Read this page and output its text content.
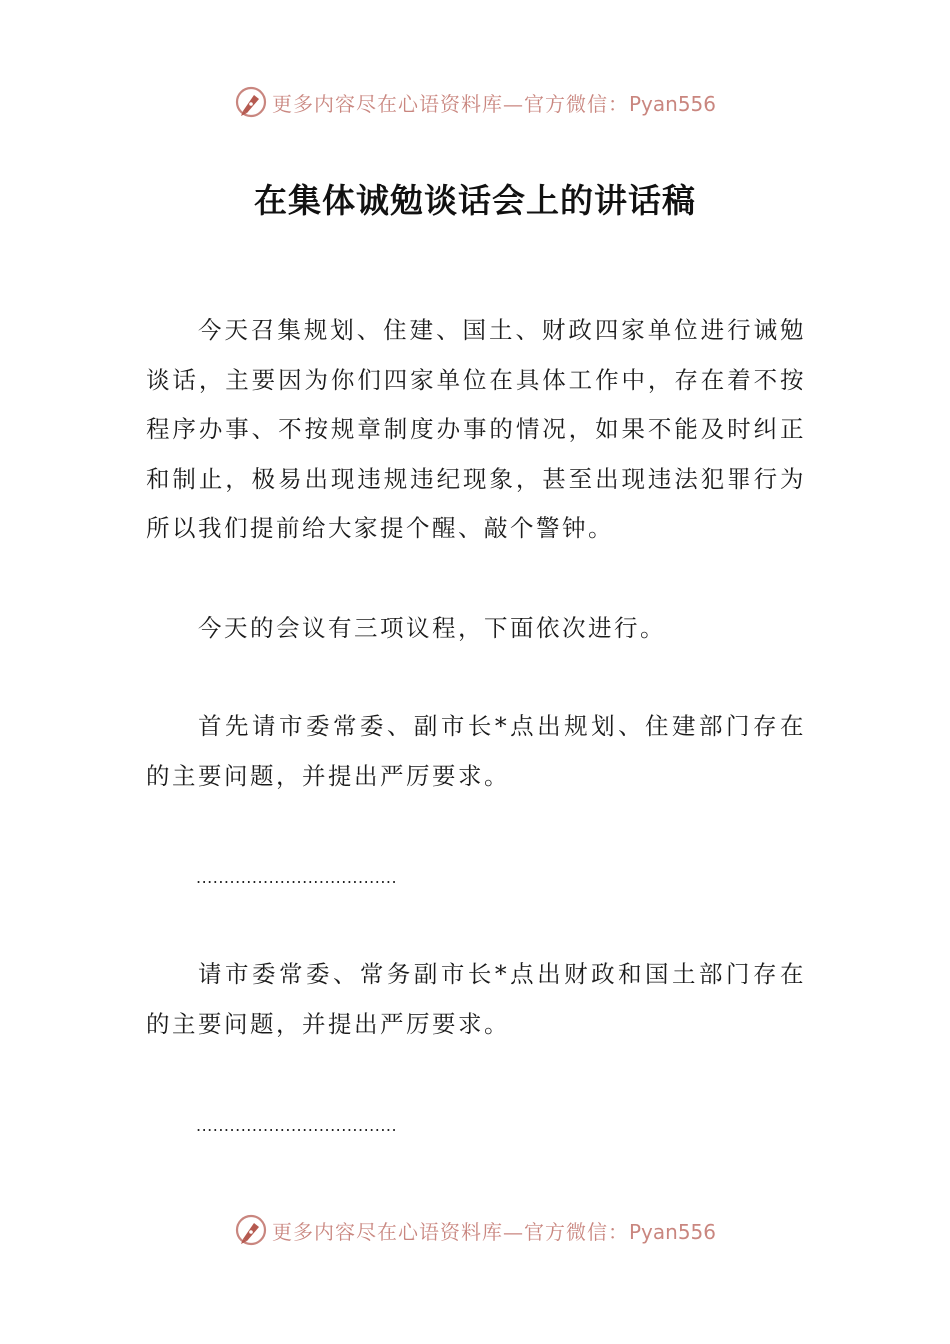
更多内容尽在心语资料库—官方微信：Pyan556
在集体诚勉谈话会上的讲话稿
今天召集规划、住建、国土、财政四家单位进行诫勉谈话，主要因为你们四家单位在具体工作中，存在着不按程序办事、不按规章制度办事的情况，如果不能及时纠正和制止，极易出现违规违纪现象，甚至出现违法犯罪行为所以我们提前给大家提个醒、敲个警钟。
今天的会议有三项议程，下面依次进行。
首先请市委常委、副市长*点出规划、住建部门存在的主要问题，并提出严厉要求。
....................................
请市委常委、常务副市长*点出财政和国土部门存在的主要问题，并提出严厉要求。
....................................
更多内容尽在心语资料库—官方微信：Pyan556
